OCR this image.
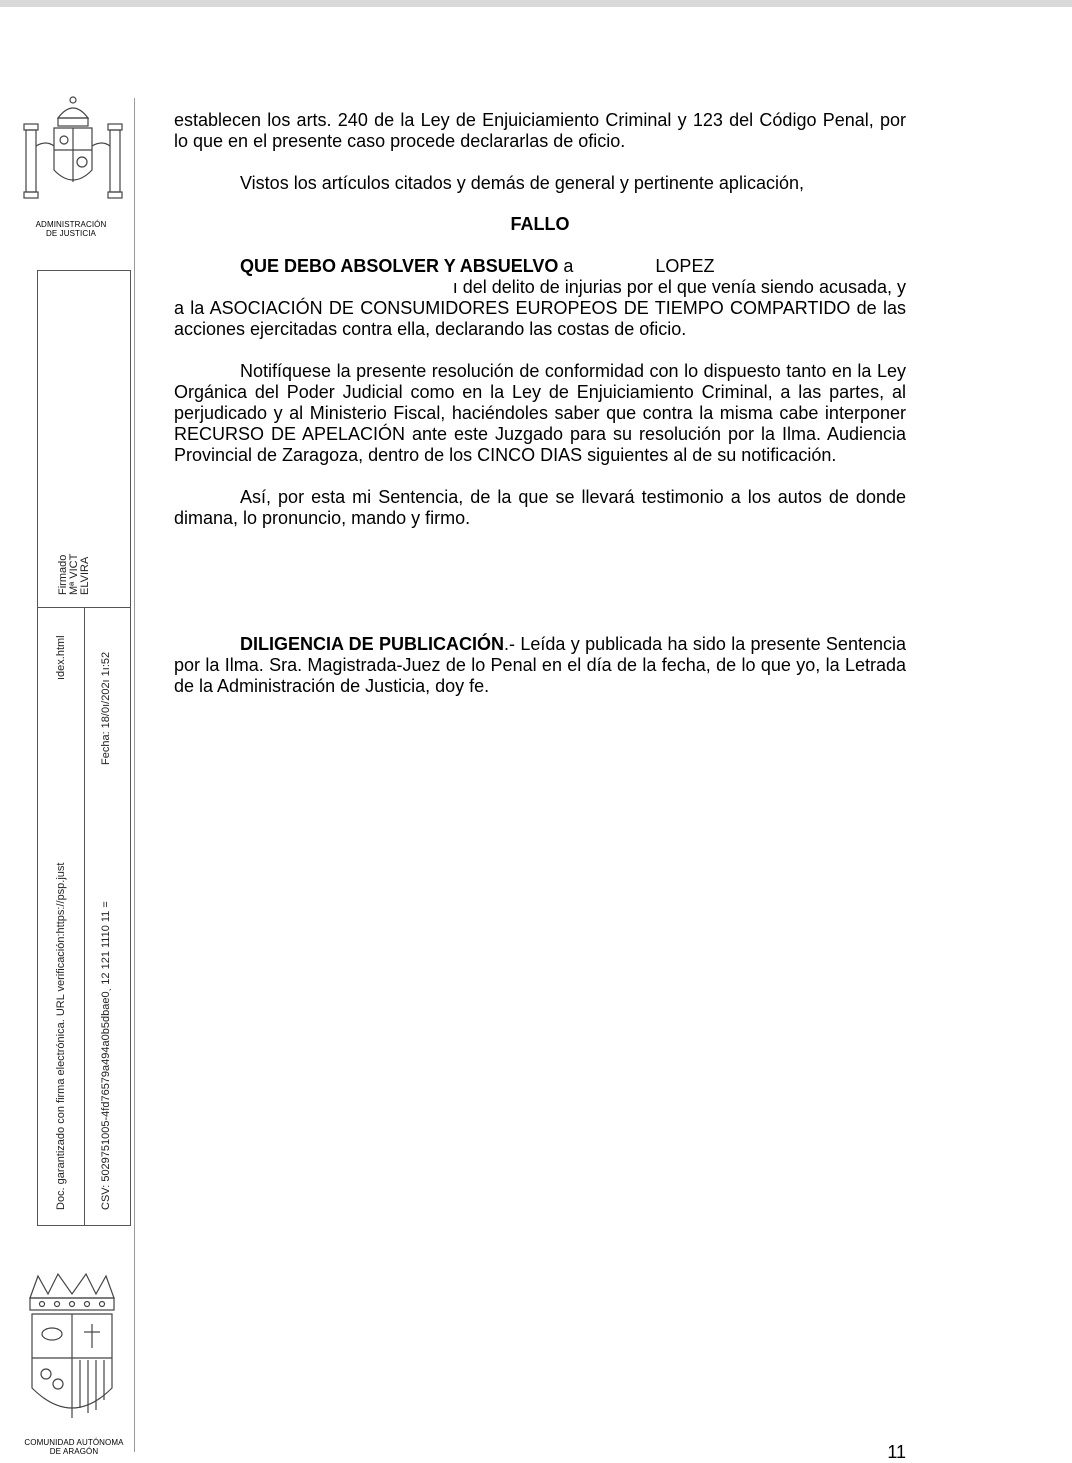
ADMINISTRACIÓN
DE JUSTICIA
Firmado Mª VICT ELVIRA
ıdex.html	Fecha: 18/0ı/202ı 1ı:52
Doc. garantizado con firma electrónica. URL verificación:https://psp.just	CSV: 5029751005-4fd76579a494a0b5dbae0ˎ 12 121 1110 11 =
COMUNIDAD AUTÓNOMA
DE ARAGÓN

establecen los arts. 240 de la Ley de Enjuiciamiento Criminal y 123 del Código Penal, por lo que en el presente caso procede declararlas de oficio.

Vistos los artículos citados y demás de general y pertinente aplicación,

FALLO

QUE DEBO ABSOLVER Y ABSUELVO a	LOPEZ

ı del delito de injurias por el que venía siendo acusada, y

a la ASOCIACIÓN DE CONSUMIDORES EUROPEOS DE TIEMPO COMPARTIDO de las acciones ejercitadas contra ella, declarando las costas de oficio.

Notifíquese la presente resolución de conformidad con lo dispuesto tanto en la Ley Orgánica del Poder Judicial como en la Ley de Enjuiciamiento Criminal, a las partes, al perjudicado y al Ministerio Fiscal, haciéndoles saber que contra la misma cabe interponer RECURSO DE APELACIÓN ante este Juzgado para su resolución por la Ilma. Audiencia Provincial de Zaragoza, dentro de los CINCO DIAS siguientes al de su notificación.

Así, por esta mi Sentencia, de la que se llevará testimonio a los autos de donde dimana, lo pronuncio, mando y firmo.

DILIGENCIA DE PUBLICACIÓN.- Leída y publicada ha sido la presente Sentencia por la Ilma. Sra. Magistrada-Juez de lo Penal en el día de la fecha, de lo que yo, la Letrada de la Administración de Justicia, doy fe.

11
